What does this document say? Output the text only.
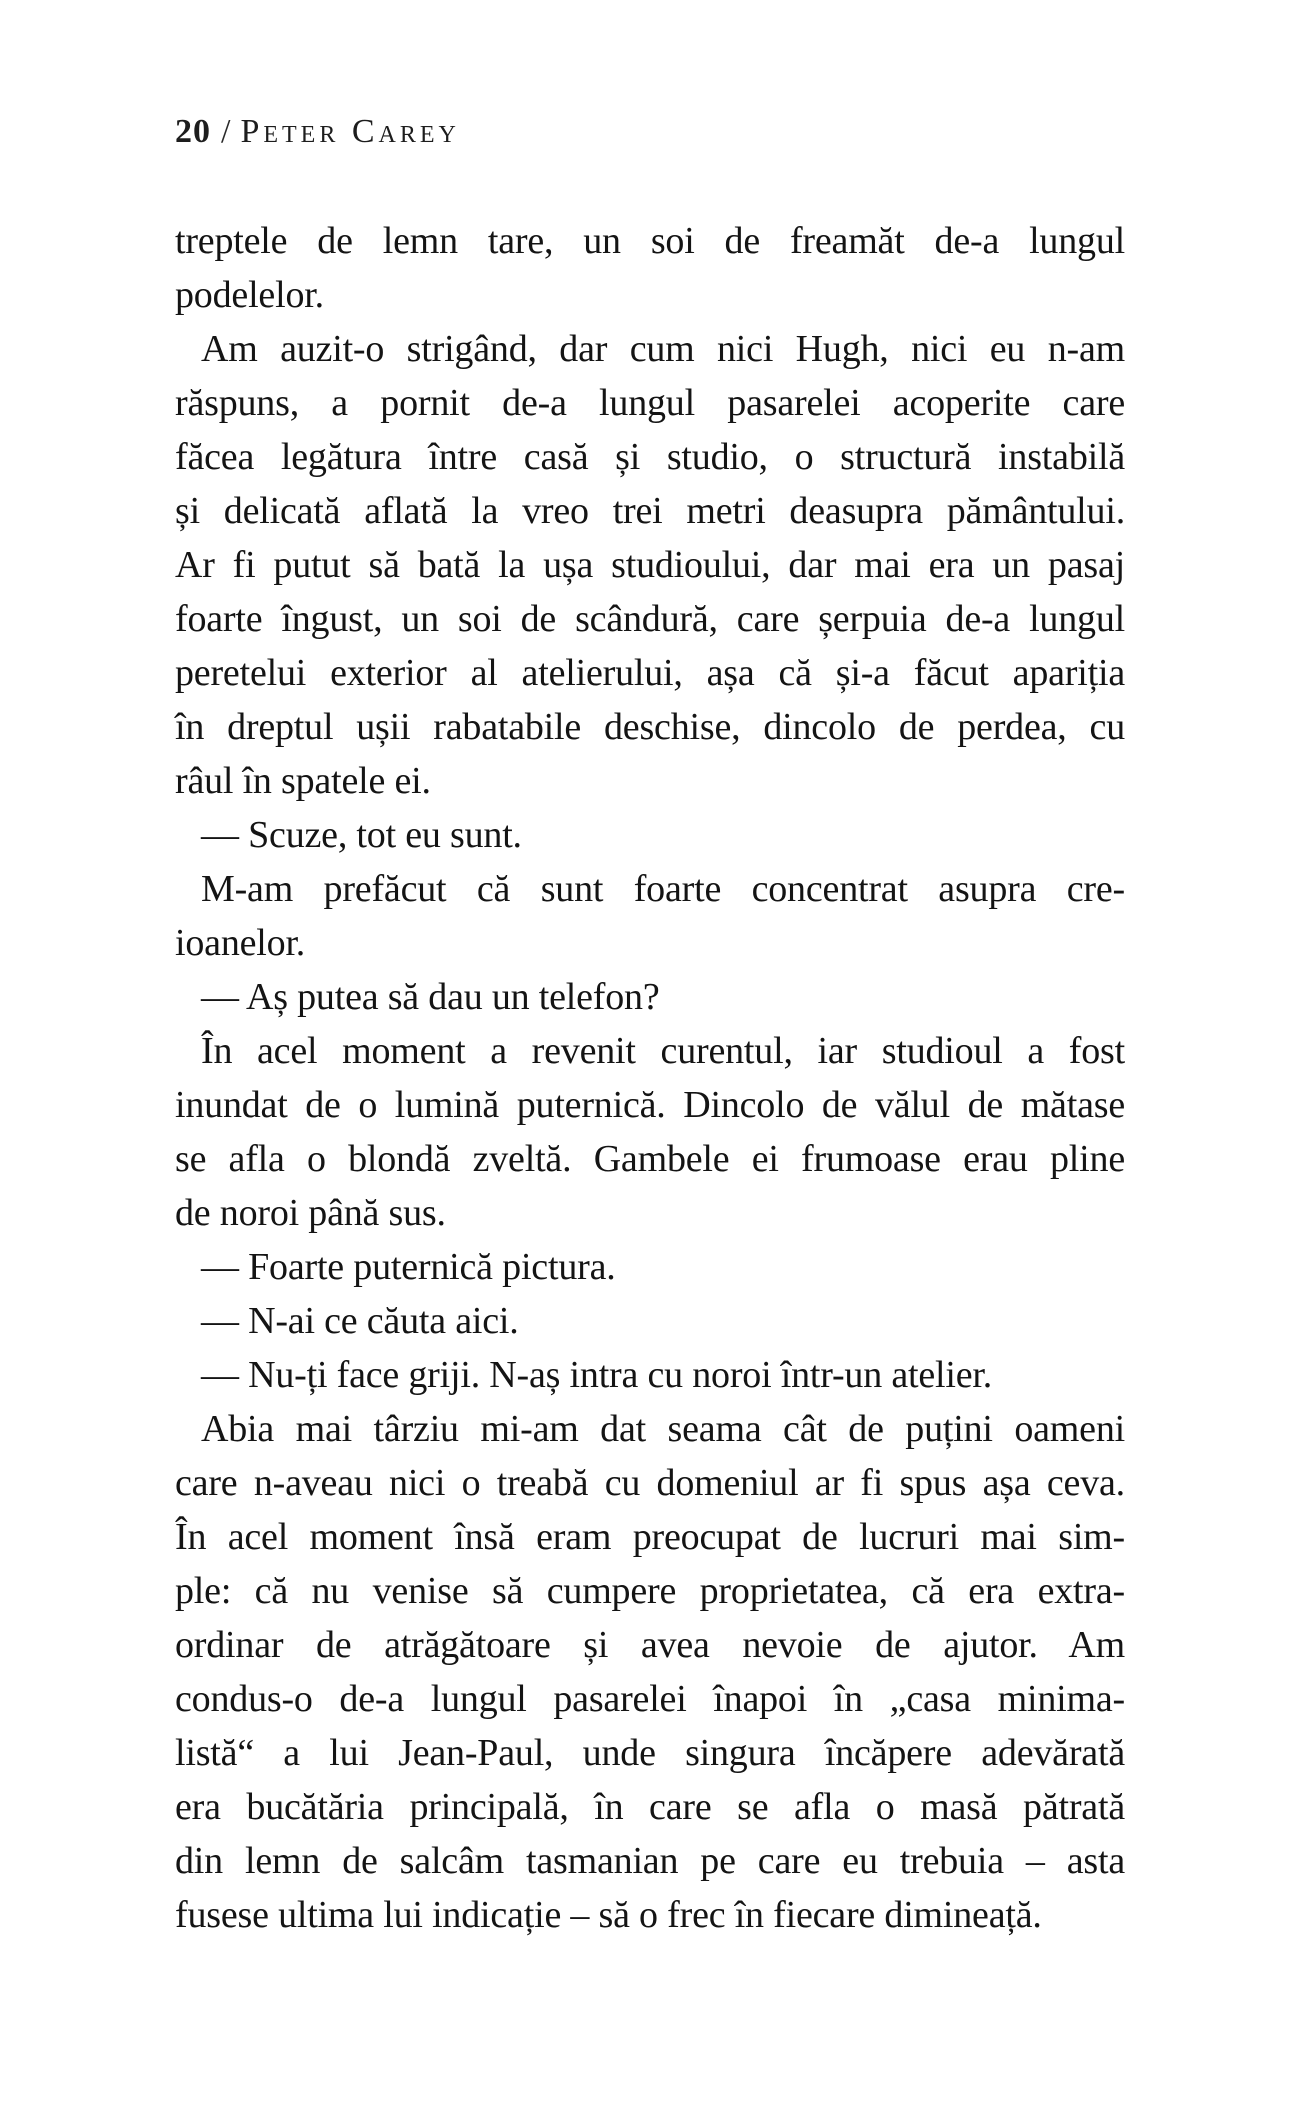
20 / Peter Carey
treptele de lemn tare, un soi de freamăt de-a lungul
podelelor.
Am auzit-o strigând, dar cum nici Hugh, nici eu n-am
răspuns, a pornit de-a lungul pasarelei acoperite care
făcea legătura între casă și studio, o structură instabilă
și delicată aflată la vreo trei metri deasupra pământului.
Ar fi putut să bată la ușa studioului, dar mai era un pasaj
foarte îngust, un soi de scândură, care șerpuia de-a lungul
peretelui exterior al atelierului, așa că și-a făcut apariția
în dreptul ușii rabatabile deschise, dincolo de perdea, cu
râul în spatele ei.
— Scuze, tot eu sunt.
M-am prefăcut că sunt foarte concentrat asupra cre-
ioanelor.
— Aș putea să dau un telefon?
În acel moment a revenit curentul, iar studioul a fost
inundat de o lumină puternică. Dincolo de vălul de mătase
se afla o blondă zveltă. Gambele ei frumoase erau pline
de noroi până sus.
— Foarte puternică pictura.
— N-ai ce căuta aici.
— Nu-ți face griji. N-aș intra cu noroi într-un atelier.
Abia mai târziu mi-am dat seama cât de puțini oameni
care n-aveau nici o treabă cu domeniul ar fi spus așa ceva.
În acel moment însă eram preocupat de lucruri mai sim-
ple: că nu venise să cumpere proprietatea, că era extra-
ordinar de atrăgătoare și avea nevoie de ajutor. Am
condus-o de-a lungul pasarelei înapoi în „casa minima-
listă“ a lui Jean-Paul, unde singura încăpere adevărată
era bucătăria principală, în care se afla o masă pătrată
din lemn de salcâm tasmanian pe care eu trebuia – asta
fusese ultima lui indicație – să o frec în fiecare dimineață.
